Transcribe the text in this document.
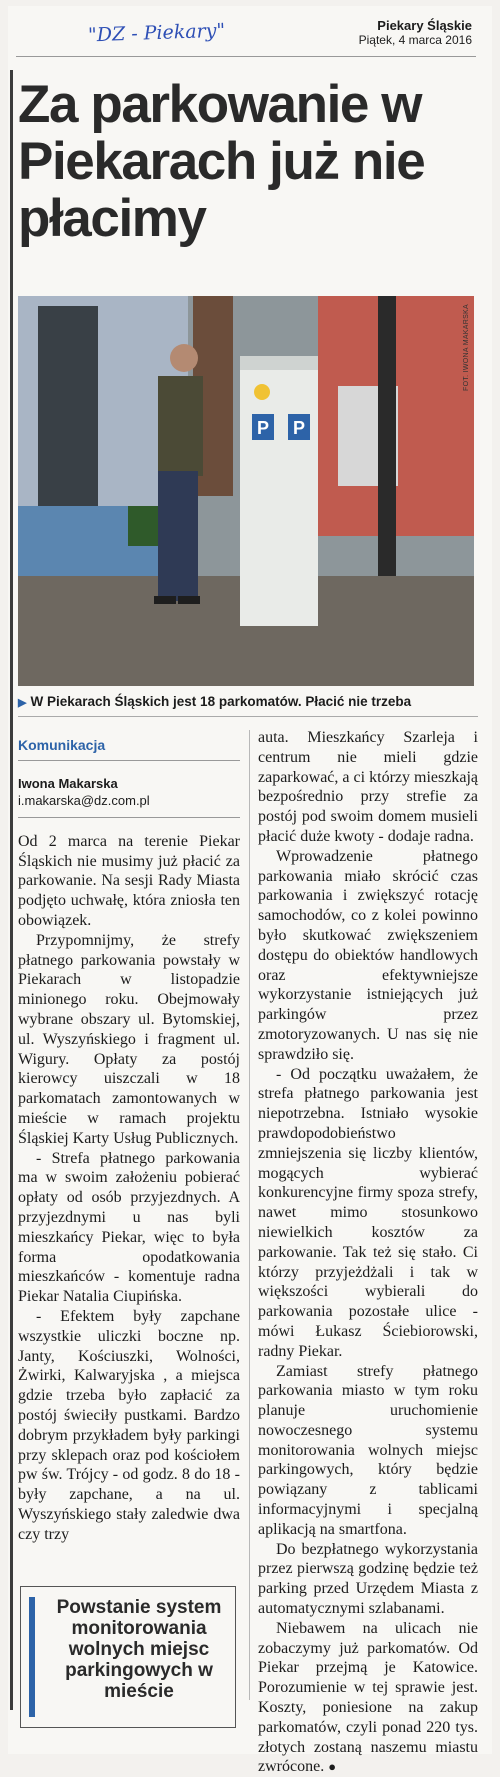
"DZ - Piekary"	Piekary Śląskie
Piątek, 4 marca 2016
Za parkowanie w Piekarach już nie płacimy
P P
FOT. IWONA MAKARSKA
▶ W Piekarach Śląskich jest 18 parkomatów. Płacić nie trzeba
Komunikacja
Iwona Makarska
i.makarska@dz.com.pl

Od 2 marca na terenie Piekar Śląskich nie musimy już płacić za parkowanie. Na sesji Rady Miasta podjęto uchwałę, która zniosła ten obowiązek.

Przypomnijmy, że strefy płatnego parkowania powstały w Piekarach w listopadzie minionego roku. Obejmowały wybrane obszary ul. Bytomskiej, ul. Wyszyńskiego i fragment ul. Wigury. Opłaty za postój kierowcy uiszczali w 18 parkomatach zamontowanych w mieście w ramach projektu Śląskiej Karty Usług Publicznych.

- Strefa płatnego parkowania ma w swoim założeniu pobierać opłaty od osób przyjezdnych. A przyjezdnymi u nas byli mieszkańcy Piekar, więc to była forma opodatkowania mieszkańców - komentuje radna Piekar Natalia Ciupińska.

- Efektem były zapchane wszystkie uliczki boczne np. Janty, Kościuszki, Wolności, Żwirki, Kalwaryjska , a miejsca gdzie trzeba było zapłacić za postój świeciły pustkami. Bardzo dobrym przykładem były parkingi przy sklepach oraz pod kościołem pw św. Trójcy - od godz. 8 do 18 - były zapchane, a na ul. Wyszyńskiego stały zaledwie dwa czy trzy

auta. Mieszkańcy Szarleja i centrum nie mieli gdzie zaparkować, a ci którzy mieszkają bezpośrednio przy strefie za postój pod swoim domem musieli płacić duże kwoty - dodaje radna.

Wprowadzenie płatnego parkowania miało skrócić czas parkowania i zwiększyć rotację samochodów, co z kolei powinno było skutkować zwiększeniem dostępu do obiektów handlowych oraz efektywniejsze wykorzystanie istniejących już parkingów przez zmotoryzowanych. U nas się nie sprawdziło się.

- Od początku uważałem, że strefa płatnego parkowania jest niepotrzebna. Istniało wysokie prawdopodobieństwo zmniejszenia się liczby klientów, mogących wybierać konkurencyjne firmy spoza strefy, nawet mimo stosunkowo niewielkich kosztów za parkowanie. Tak też się stało. Ci którzy przyjeżdżali i tak w większości wybierali do parkowania pozostałe ulice - mówi Łukasz Ściebiorowski, radny Piekar.

Zamiast strefy płatnego parkowania miasto w tym roku planuje uruchomienie nowoczesnego systemu monitorowania wolnych miejsc parkingowych, który będzie powiązany z tablicami informacyjnymi i specjalną aplikacją na smartfona.

Do bezpłatnego wykorzystania przez pierwszą godzinę będzie też parking przed Urzędem Miasta z automatycznymi szlabanami.

Niebawem na ulicach nie zobaczymy już parkomatów. Od Piekar przejmą je Katowice. Porozumienie w tej sprawie jest. Koszty, poniesione na zakup parkomatów, czyli ponad 220 tys. złotych zostaną naszemu miastu zwrócone. ●

Powstanie system monitorowania wolnych miejsc parkingowych w mieście
